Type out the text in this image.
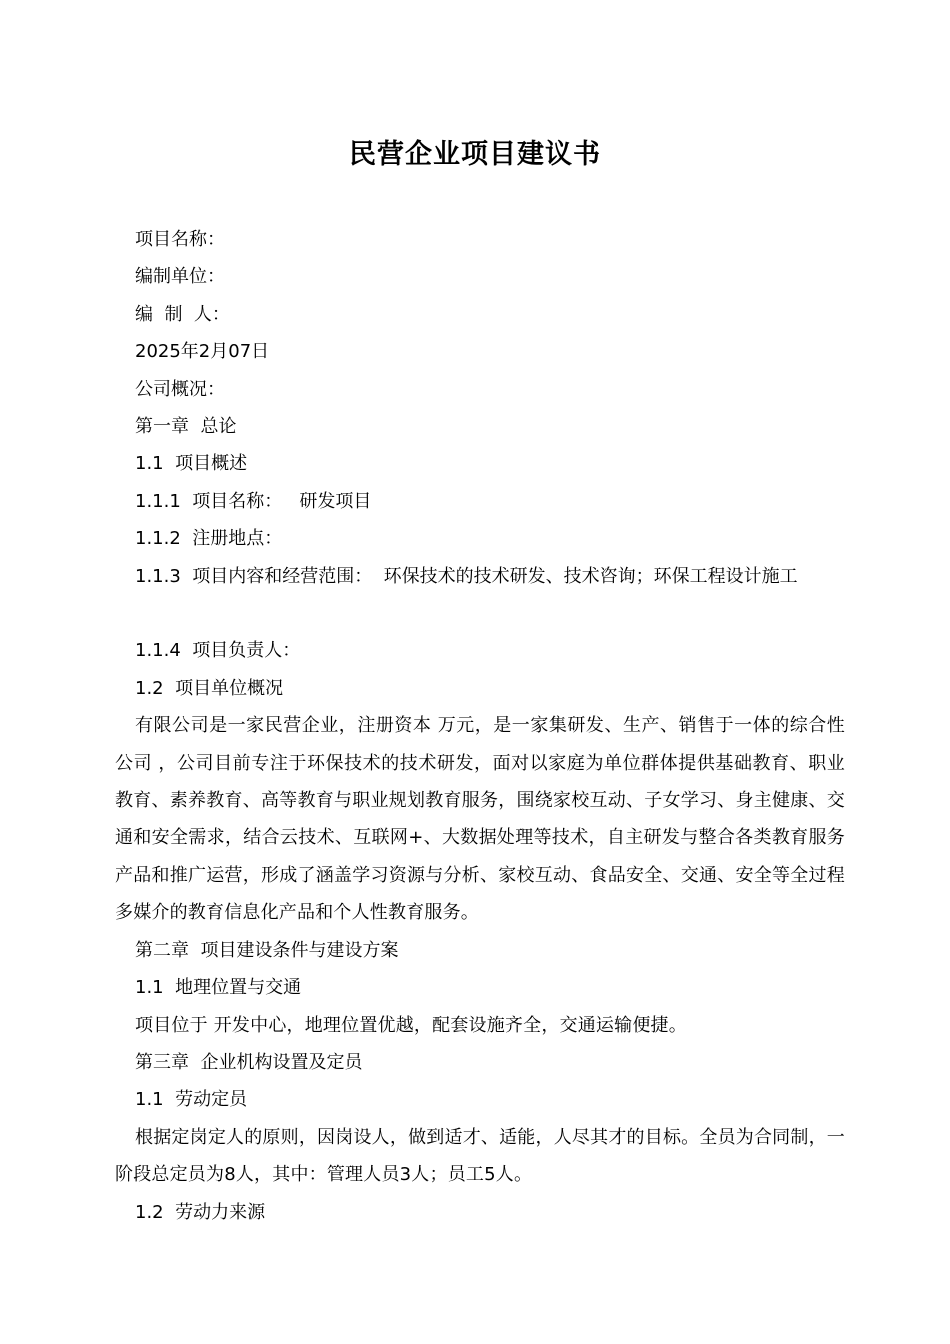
民营企业项目建议书

项目名称：

编制单位：

编  制  人：

2025年2月07日

公司概况：

第一章  总论

1.1  项目概述

1.1.1  项目名称：   研发项目

1.1.2  注册地点：

1.1.3  项目内容和经营范围：  环保技术的技术研发、技术咨询；环保工程设计施工

1.1.4  项目负责人：

1.2  项目单位概况

有限公司是一家民营企业，注册资本 万元，是一家集研发、生产、销售于一体的综合性公司 ，公司目前专注于环保技术的技术研发，面对以家庭为单位群体提供基础教育、职业教育、素养教育、高等教育与职业规划教育服务，围绕家校互动、子女学习、身主健康、交通和安全需求，结合云技术、互联网+、大数据处理等技术，自主研发与整合各类教育服务产品和推广运营，形成了涵盖学习资源与分析、家校互动、食品安全、交通、安全等全过程多媒介的教育信息化产品和个人性教育服务。

第二章  项目建设条件与建设方案

1.1  地理位置与交通

项目位于 开发中心，地理位置优越，配套设施齐全，交通运输便捷。

第三章  企业机构设置及定员

1.1  劳动定员

根据定岗定人的原则，因岗设人，做到适才、适能，人尽其才的目标。全员为合同制，一阶段总定员为8人，其中：管理人员3人；员工5人。

1.2  劳动力来源
